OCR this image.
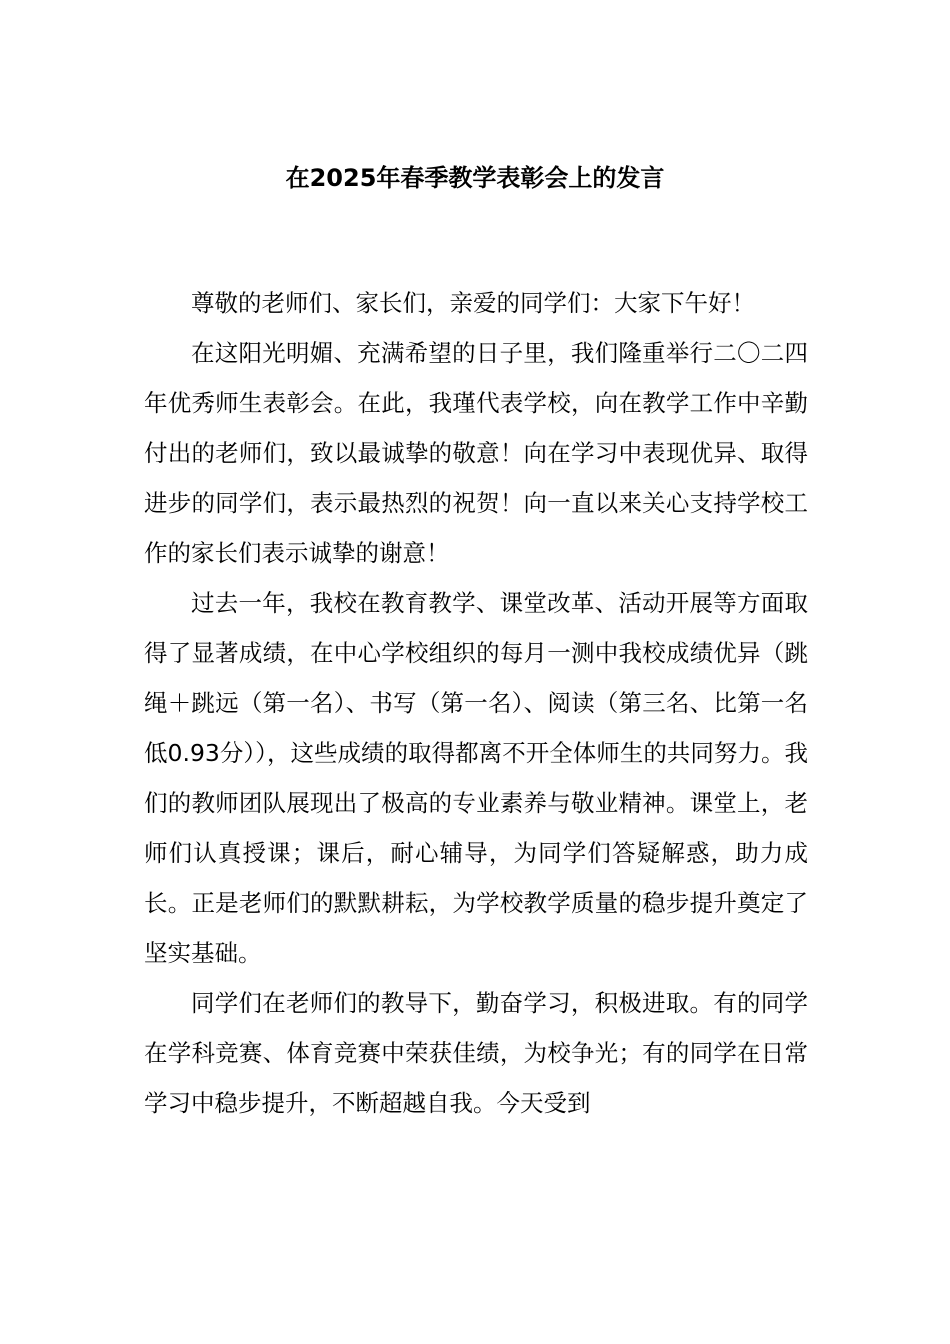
在2025年春季教学表彰会上的发言

尊敬的老师们、家长们，亲爱的同学们：大家下午好！

在这阳光明媚、充满希望的日子里，我们隆重举行二〇二四年优秀师生表彰会。在此，我瑾代表学校，向在教学工作中辛勤付出的老师们，致以最诚挚的敬意！向在学习中表现优异、取得进步的同学们，表示最热烈的祝贺！向一直以来关心支持学校工作的家长们表示诚挚的谢意！

过去一年，我校在教育教学、课堂改革、活动开展等方面取得了显著成绩，在中心学校组织的每月一测中我校成绩优异（跳绳＋跳远（第一名）、书写（第一名）、阅读（第三名、比第一名低0.93分）），这些成绩的取得都离不开全体师生的共同努力。我们的教师团队展现出了极高的专业素养与敬业精神。课堂上，老师们认真授课；课后，耐心辅导，为同学们答疑解惑，助力成长。正是老师们的默默耕耘，为学校教学质量的稳步提升奠定了坚实基础。

同学们在老师们的教导下，勤奋学习，积极进取。有的同学在学科竞赛、体育竞赛中荣获佳绩，为校争光；有的同学在日常学习中稳步提升，不断超越自我。今天受到
